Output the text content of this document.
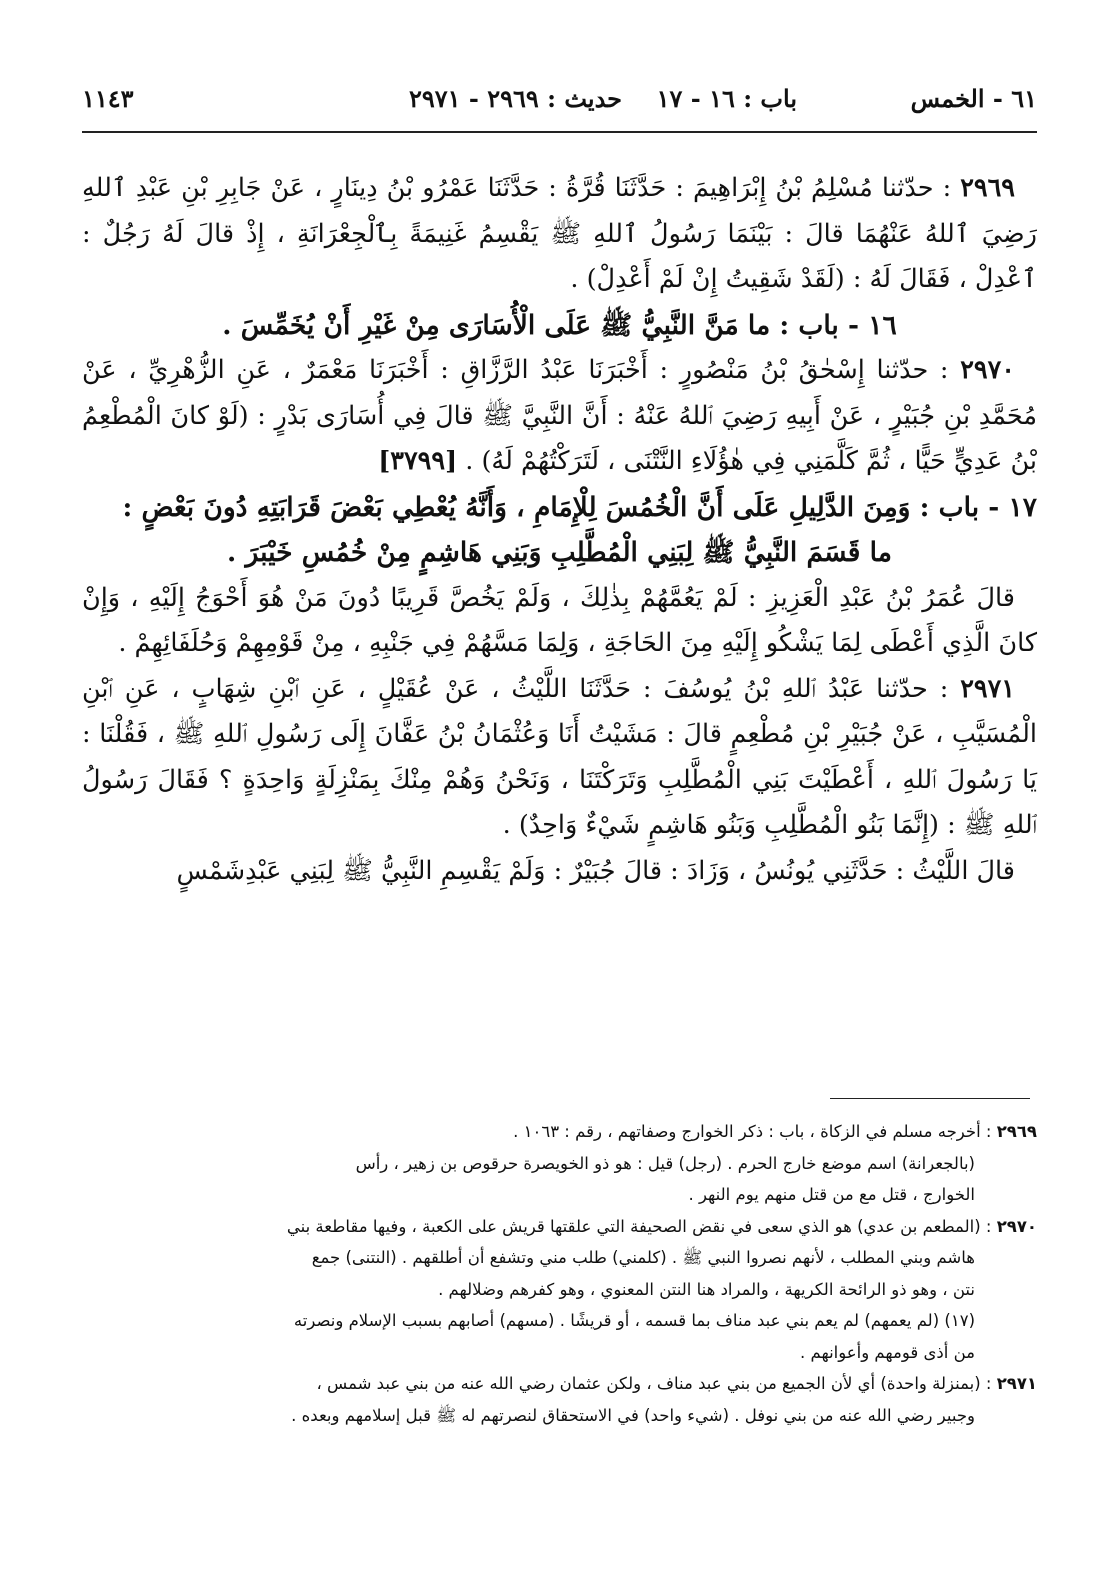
٦١ - الخمس
باب : ١٦ - ١٧
حديث : ٢٩٦٩ - ٢٩٧١
١١٤٣

٢٩٦٩ : حدّثنا مُسْلِمُ بْنُ إِبْرَاهِيمَ : حَدَّثَنَا قُرَّةُ : حَدَّثَنَا عَمْرُو بْنُ دِينَارٍ ، عَنْ جَابِرِ بْنِ عَبْدِ ٱللهِ رَضِيَ ٱللهُ عَنْهُمَا قالَ : بَيْنَمَا رَسُولُ ٱللهِ ﷺ يَقْسِمُ غَنِيمَةً بِٱلْجِعْرَانَةِ ، إِذْ قالَ لَهُ رَجُلٌ : ٱعْدِلْ ، فَقَالَ لَهُ : (لَقَدْ شَقِيتُ إِنْ لَمْ أَعْدِلْ) .

١٦ - باب : ما مَنَّ النَّبِيُّ ﷺ عَلَى الْأُسَارَى مِنْ غَيْرِ أَنْ يُخَمِّسَ .

٢٩٧٠ : حدّثنا إِسْحٰقُ بْنُ مَنْصُورٍ : أَخْبَرَنَا عَبْدُ الرَّزَّاقِ : أَخْبَرَنَا مَعْمَرٌ ، عَنِ الزُّهْرِيِّ ، عَنْ مُحَمَّدِ بْنِ جُبَيْرٍ ، عَنْ أَبِيهِ رَضِيَ ٱللهُ عَنْهُ : أَنَّ النَّبِيَّ ﷺ قالَ فِي أُسَارَى بَدْرٍ : (لَوْ كانَ الْمُطْعِمُ بْنُ عَدِيٍّ حَيًّا ، ثُمَّ كَلَّمَنِي فِي هٰؤُلَاءِ النَّتْنَى ، لَتَرَكْتُهُمْ لَهُ) . [٣٧٩٩]

١٧ - باب : وَمِنَ الدَّلِيلِ عَلَى أَنَّ الْخُمُسَ لِلْإِمَامِ ، وَأَنَّهُ يُعْطِي بَعْضَ قَرَابَتِهِ دُونَ بَعْضٍ :

ما قَسَمَ النَّبِيُّ ﷺ لِبَنِي الْمُطَّلِبِ وَبَنِي هَاشِمٍ مِنْ خُمُسِ خَيْبَرَ .

قالَ عُمَرُ بْنُ عَبْدِ الْعَزِيزِ : لَمْ يَعُمَّهُمْ بِذٰلِكَ ، وَلَمْ يَخُصَّ قَرِيبًا دُونَ مَنْ هُوَ أَحْوَجُ إِلَيْهِ ، وَإِنْ كانَ الَّذِي أَعْطَى لِمَا يَشْكُو إِلَيْهِ مِنَ الحَاجَةِ ، وَلِمَا مَسَّهُمْ فِي جَنْبِهِ ، مِنْ قَوْمِهِمْ وَحُلَفَائِهِمْ .

٢٩٧١ : حدّثنا عَبْدُ ٱللهِ بْنُ يُوسُفَ : حَدَّثَنَا اللَّيْثُ ، عَنْ عُقَيْلٍ ، عَنِ ٱبْنِ شِهَابٍ ، عَنِ ٱبْنِ الْمُسَيَّبِ ، عَنْ جُبَيْرِ بْنِ مُطْعِمٍ قالَ : مَشَيْتُ أَنَا وَعُثْمَانُ بْنُ عَفَّانَ إِلَى رَسُولِ ٱللهِ ﷺ ، فَقُلْنَا : يَا رَسُولَ ٱللهِ ، أَعْطَيْتَ بَنِي الْمُطَّلِبِ وَتَرَكْتَنَا ، وَنَحْنُ وَهُمْ مِنْكَ بِمَنْزِلَةٍ وَاحِدَةٍ ؟ فَقَالَ رَسُولُ ٱللهِ ﷺ : (إِنَّمَا بَنُو الْمُطَّلِبِ وَبَنُو هَاشِمٍ شَيْءٌ وَاحِدٌ) .

قالَ اللَّيْثُ : حَدَّثَنِي يُونُسُ ، وَزَادَ : قالَ جُبَيْرٌ : وَلَمْ يَقْسِمِ النَّبِيُّ ﷺ لِبَنِي عَبْدِشَمْسٍ

٢٩٦٩ : أخرجه مسلم في الزكاة ، باب : ذكر الخوارج وصفاتهم ، رقم : ١٠٦٣ .

(بالجعرانة) اسم موضع خارج الحرم . (رجل) قيل : هو ذو الخويصرة حرقوص بن زهير ، رأس

الخوارج ، قتل مع من قتل منهم يوم النهر .

٢٩٧٠ : (المطعم بن عدي) هو الذي سعى في نقض الصحيفة التي علقتها قريش على الكعبة ، وفيها مقاطعة بني

هاشم وبني المطلب ، لأنهم نصروا النبي ﷺ . (كلمني) طلب مني وتشفع أن أطلقهم . (النتنى) جمع

نتن ، وهو ذو الرائحة الكريهة ، والمراد هنا النتن المعنوي ، وهو كفرهم وضلالهم .

(١٧) (لم يعمهم) لم يعم بني عبد مناف بما قسمه ، أو قريشًا . (مسهم) أصابهم بسبب الإسلام ونصرته

من أذى قومهم وأعوانهم .

٢٩٧١ : (بمنزلة واحدة) أي لأن الجميع من بني عبد مناف ، ولكن عثمان رضي الله عنه من بني عبد شمس ،

وجبير رضي الله عنه من بني نوفل . (شيء واحد) في الاستحقاق لنصرتهم له ﷺ قبل إسلامهم وبعده .
